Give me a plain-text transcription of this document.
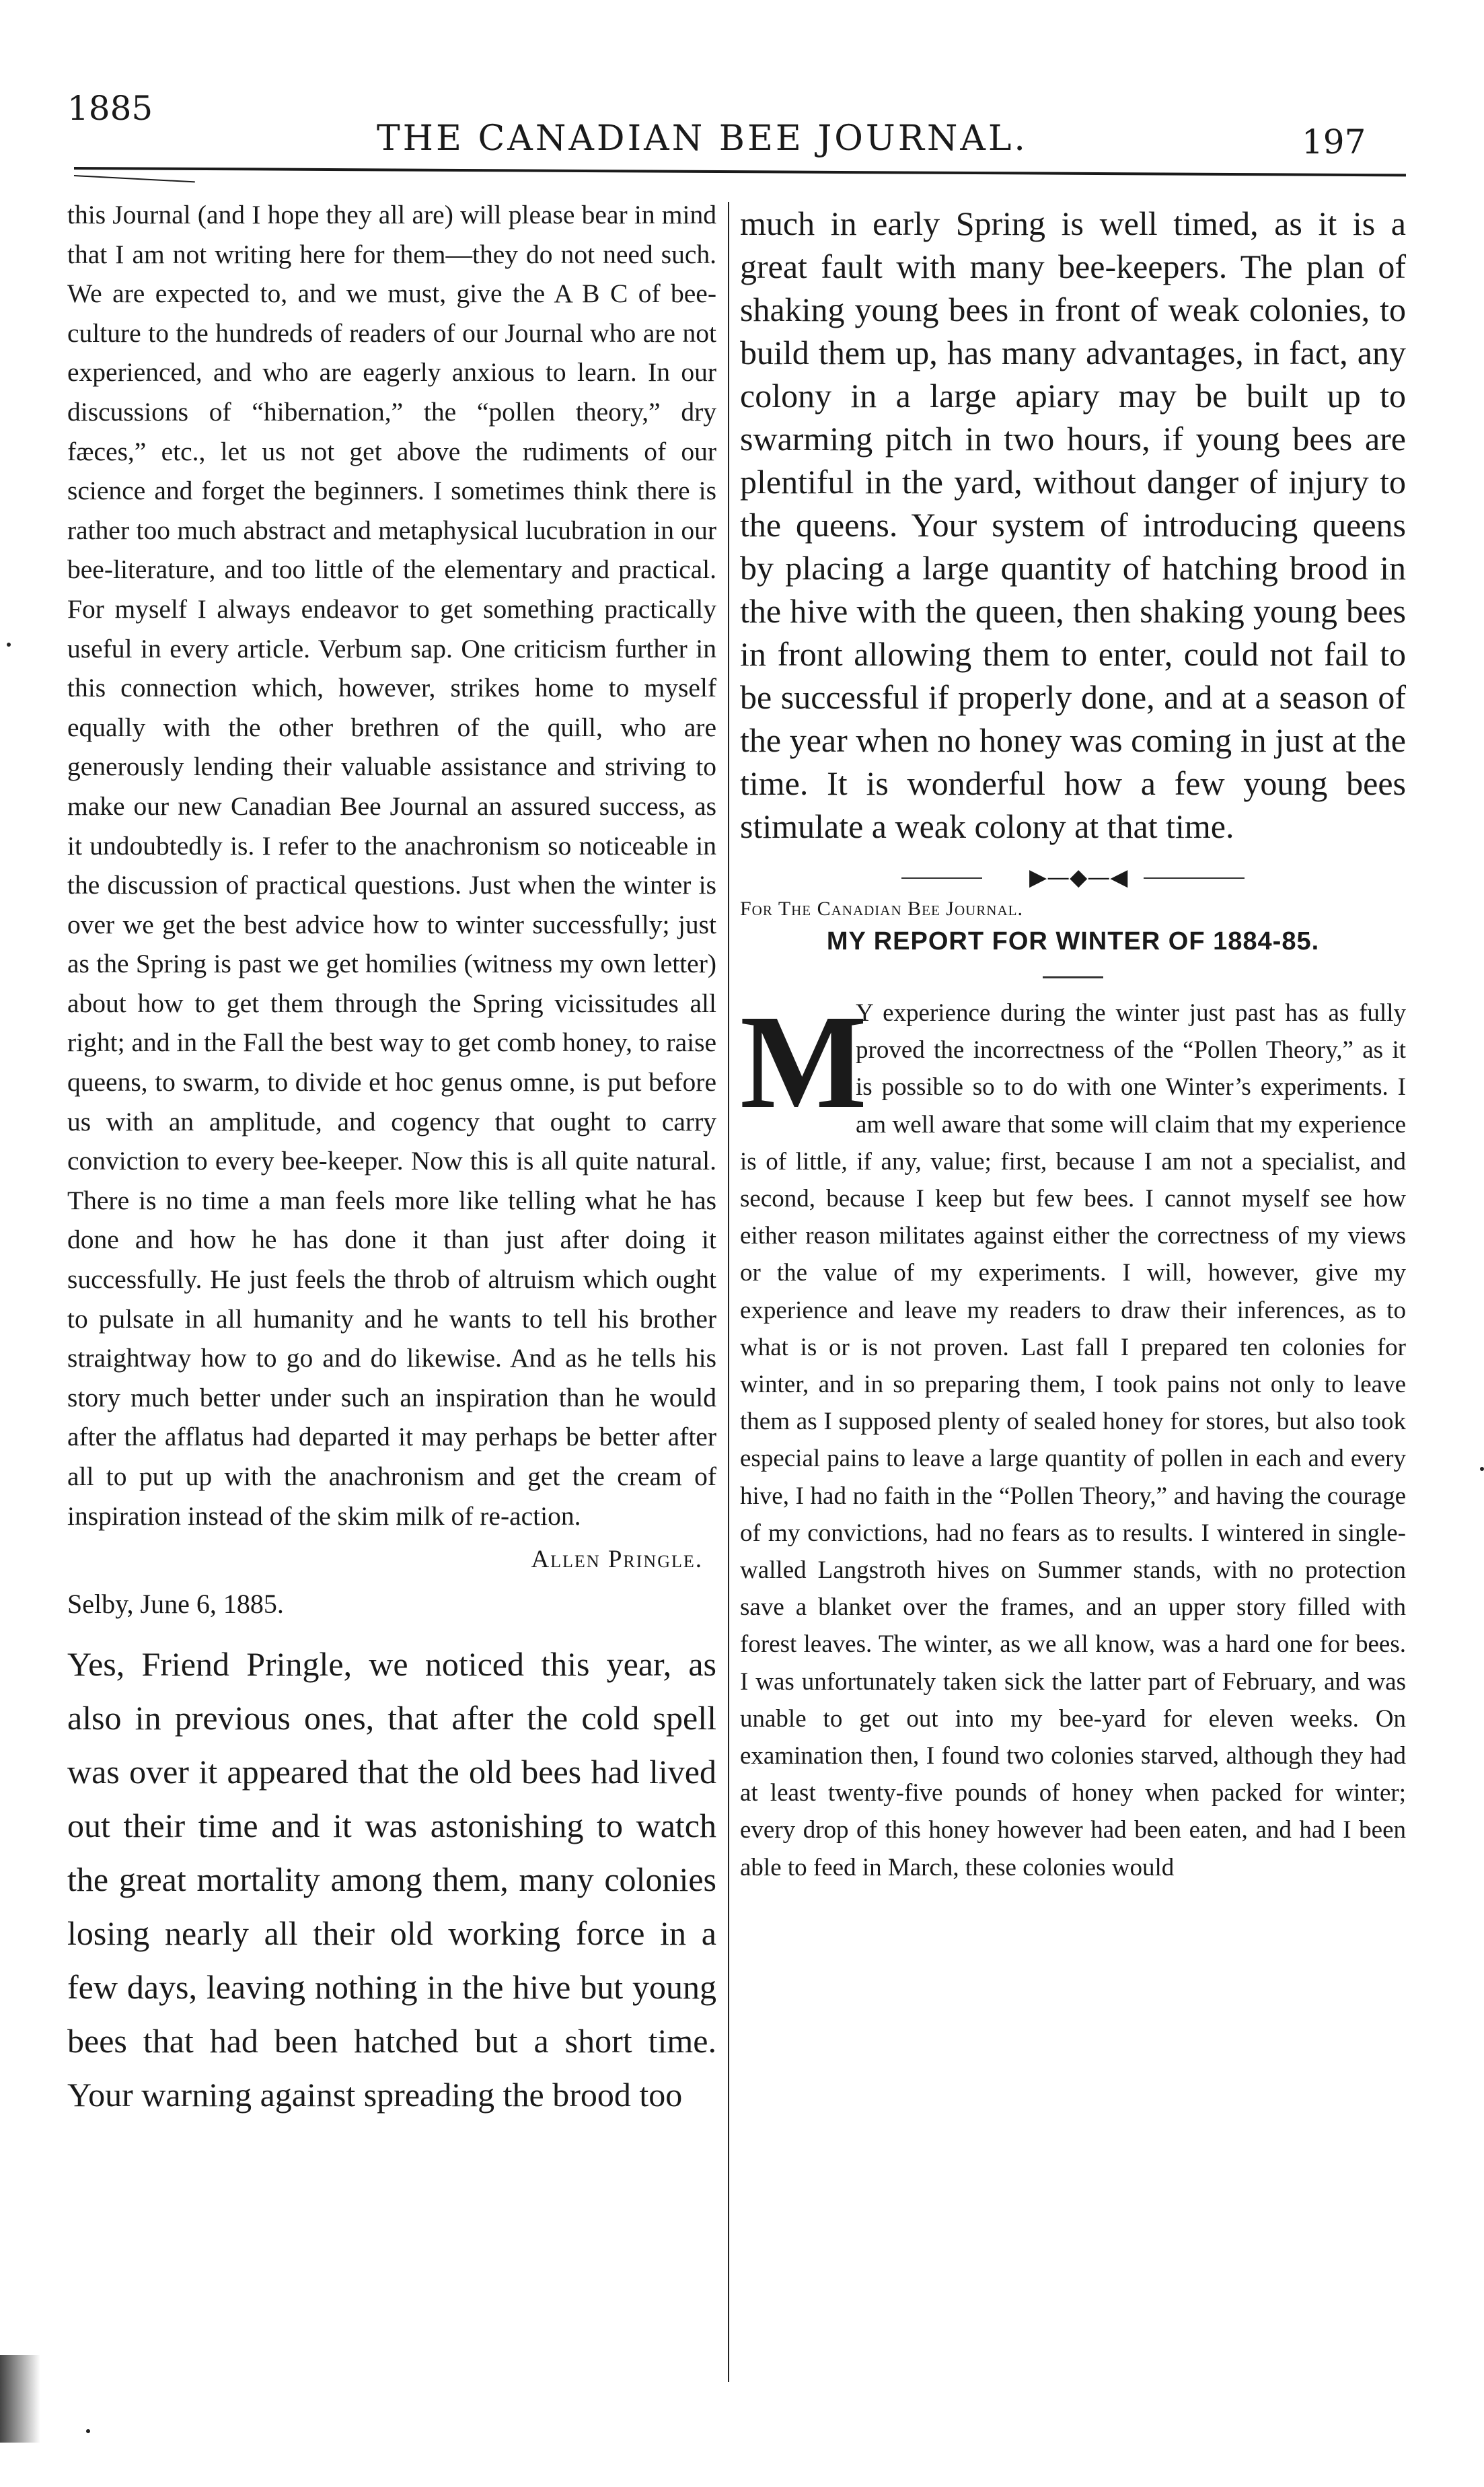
1885
THE CANADIAN BEE JOURNAL.	197

this Journal (and I hope they all are) will please bear in mind that I am not writing here for them—they do not need such. We are expected to, and we must, give the A B C of bee-culture to the hundreds of readers of our Journal who are not experienced, and who are eagerly anxious to learn. In our discussions of “hibernation,” the “pollen theory,” dry fæces,” etc., let us not get above the rudiments of our science and forget the beginners. I sometimes think there is rather too much abstract and metaphysical lucubration in our bee-literature, and too little of the elementary and practical. For myself I always endeavor to get something practically useful in every article. Verbum sap. One criticism further in this connection which, however, strikes home to myself equally with the other brethren of the quill, who are generously lending their valuable assistance and striving to make our new Canadian Bee Journal an assured success, as it undoubtedly is. I refer to the anachronism so noticeable in the discussion of practical questions. Just when the winter is over we get the best advice how to winter successfully; just as the Spring is past we get homilies (witness my own letter) about how to get them through the Spring vicissitudes all right; and in the Fall the best way to get comb honey, to raise queens, to swarm, to divide et hoc genus omne, is put before us with an amplitude, and cogency that ought to carry conviction to every bee-keeper. Now this is all quite natural. There is no time a man feels more like telling what he has done and how he has done it than just after doing it successfully. He just feels the throb of altruism which ought to pulsate in all humanity and he wants to tell his brother straightway how to go and do likewise. And as he tells his story much better under such an inspiration than he would after the afflatus had departed it may perhaps be better after all to put up with the anachronism and get the cream of inspiration instead of the skim milk of re-action.

Allen Pringle.
Selby, June 6, 1885.

Yes, Friend Pringle, we noticed this year, as also in previous ones, that after the cold spell was over it appeared that the old bees had lived out their time and it was astonishing to watch the great mortality among them, many colonies losing nearly all their old working force in a few days, leaving nothing in the hive but young bees that had been hatched but a short time. Your warning against spreading the brood too

much in early Spring is well timed, as it is a great fault with many bee-keepers. The plan of shaking young bees in front of weak colonies, to build them up, has many advantages, in fact, any colony in a large apiary may be built up to swarming pitch in two hours, if young bees are plentiful in the yard, without danger of injury to the queens. Your system of introducing queens by placing a large quantity of hatching brood in the hive with the queen, then shaking young bees in front allowing them to enter, could not fail to be successful if properly done, and at a season of the year when no honey was coming in just at the time. It is wonderful how a few young bees stimulate a weak colony at that time.

▶—◆—◀
For The Canadian Bee Journal.
MY REPORT FOR WINTER OF 1884-85.
M

Y experience during the winter just past has as fully proved the incorrectness of the “Pollen Theory,” as it is possible so to do with one Winter’s experiments. I am well aware that some will claim that my experience is of little, if any, value; first, because I am not a specialist, and second, because I keep but few bees. I cannot myself see how either reason militates against either the correctness of my views or the value of my experiments. I will, however, give my experience and leave my readers to draw their inferences, as to what is or is not proven. Last fall I prepared ten colonies for winter, and in so preparing them, I took pains not only to leave them as I supposed plenty of sealed honey for stores, but also took especial pains to leave a large quantity of pollen in each and every hive, I had no faith in the “Pollen Theory,” and having the courage of my convictions, had no fears as to results. I wintered in single-walled Langstroth hives on Summer stands, with no protection save a blanket over the frames, and an upper story filled with forest leaves. The winter, as we all know, was a hard one for bees. I was unfortunately taken sick the latter part of February, and was unable to get out into my bee-yard for eleven weeks. On examination then, I found two colonies starved, although they had at least twenty-five pounds of honey when packed for winter; every drop of this honey however had been eaten, and had I been able to feed in March, these colonies would
